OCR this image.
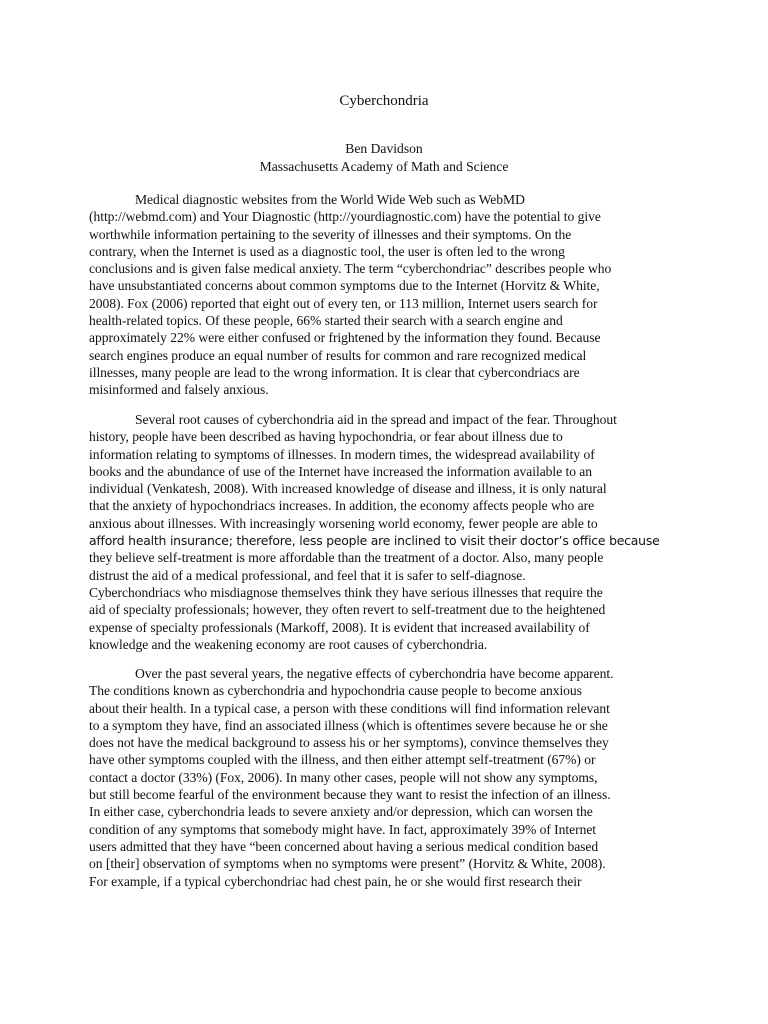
Cyberchondria

Ben Davidson

Massachusetts Academy of Math and Science

Medical diagnostic websites from the World Wide Web such as WebMD
(http://webmd.com) and Your Diagnostic (http://yourdiagnostic.com) have the potential to give
worthwhile information pertaining to the severity of illnesses and their symptoms. On the
contrary, when the Internet is used as a diagnostic tool, the user is often led to the wrong
conclusions and is given false medical anxiety. The term “cyberchondriac” describes people who
have unsubstantiated concerns about common symptoms due to the Internet (Horvitz & White,
2008). Fox (2006) reported that eight out of every ten, or 113 million, Internet users search for
health-related topics. Of these people, 66% started their search with a search engine and
approximately 22% were either confused or frightened by the information they found. Because
search engines produce an equal number of results for common and rare recognized medical
illnesses, many people are lead to the wrong information. It is clear that cybercondriacs are
misinformed and falsely anxious.
Several root causes of cyberchondria aid in the spread and impact of the fear. Throughout
history, people have been described as having hypochondria, or fear about illness due to
information relating to symptoms of illnesses. In modern times, the widespread availability of
books and the abundance of use of the Internet have increased the information available to an
individual (Venkatesh, 2008). With increased knowledge of disease and illness, it is only natural
that the anxiety of hypochondriacs increases. In addition, the economy affects people who are
anxious about illnesses. With increasingly worsening world economy, fewer people are able to
afford health insurance; therefore, less people are inclined to visit their doctor’s office because
they believe self-treatment is more affordable than the treatment of a doctor. Also, many people
distrust the aid of a medical professional, and feel that it is safer to self-diagnose.
Cyberchondriacs who misdiagnose themselves think they have serious illnesses that require the
aid of specialty professionals; however, they often revert to self-treatment due to the heightened
expense of specialty professionals (Markoff, 2008). It is evident that increased availability of
knowledge and the weakening economy are root causes of cyberchondria.
Over the past several years, the negative effects of cyberchondria have become apparent.
The conditions known as cyberchondria and hypochondria cause people to become anxious
about their health. In a typical case, a person with these conditions will find information relevant
to a symptom they have, find an associated illness (which is oftentimes severe because he or she
does not have the medical background to assess his or her symptoms), convince themselves they
have other symptoms coupled with the illness, and then either attempt self-treatment (67%) or
contact a doctor (33%) (Fox, 2006). In many other cases, people will not show any symptoms,
but still become fearful of the environment because they want to resist the infection of an illness.
In either case, cyberchondria leads to severe anxiety and/or depression, which can worsen the
condition of any symptoms that somebody might have. In fact, approximately 39% of Internet
users admitted that they have “been concerned about having a serious medical condition based
on [their] observation of symptoms when no symptoms were present” (Horvitz & White, 2008).
For example, if a typical cyberchondriac had chest pain, he or she would first research their
